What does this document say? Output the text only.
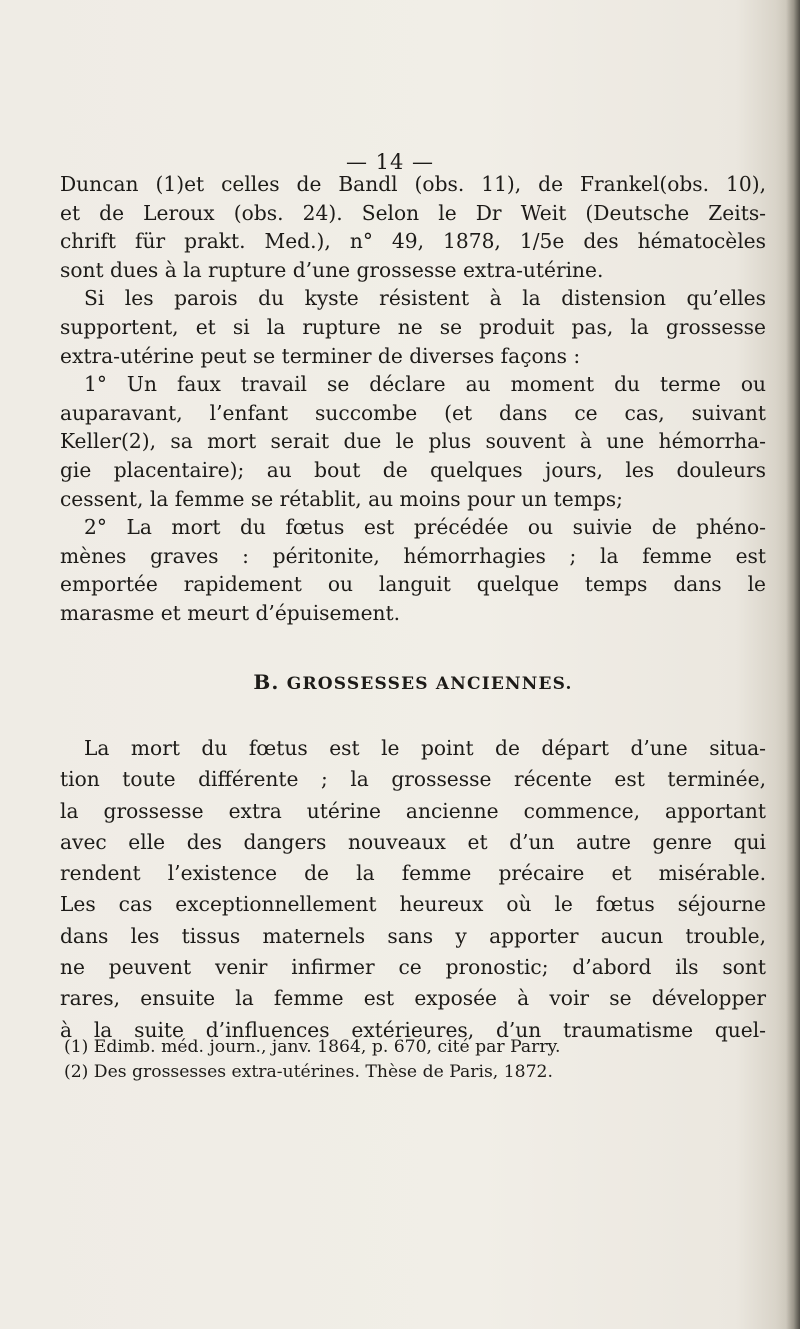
— 14 —
Duncan (1)et celles de Bandl (obs. 11), de Frankel(obs. 10),
et de Leroux (obs. 24). Selon le Dr Weit (Deutsche Zeits-
chrift für prakt. Med.), n° 49, 1878, 1/5e des hématocèles
sont dues à la rupture d’une grossesse extra-utérine.
Si les parois du kyste résistent à la distension qu’elles
supportent, et si la rupture ne se produit pas, la grossesse
extra-utérine peut se terminer de diverses façons :
1° Un faux travail se déclare au moment du terme ou
auparavant, l’enfant succombe (et dans ce cas, suivant
Keller(2), sa mort serait due le plus souvent à une hémorrha-
gie placentaire); au bout de quelques jours, les douleurs
cessent, la femme se rétablit, au moins pour un temps;
2° La mort du fœtus est précédée ou suivie de phéno-
mènes graves : péritonite, hémorrhagies ; la femme est
emportée rapidement ou languit quelque temps dans le
marasme et meurt d’épuisement.
B. GROSSESSES ANCIENNES.
La mort du fœtus est le point de départ d’une situa-
tion toute différente ; la grossesse récente est terminée,
la grossesse extra utérine ancienne commence, apportant
avec elle des dangers nouveaux et d’un autre genre qui
rendent l’existence de la femme précaire et misérable.
Les cas exceptionnellement heureux où le fœtus séjourne
dans les tissus maternels sans y apporter aucun trouble,
ne peuvent venir infirmer ce pronostic; d’abord ils sont
rares, ensuite la femme est exposée à voir se développer
à la suite d’influences extérieures, d’un traumatisme quel-
(1) Edimb. méd. journ., janv. 1864, p. 670, cité par Parry.
(2) Des grossesses extra-utérines. Thèse de Paris, 1872.
